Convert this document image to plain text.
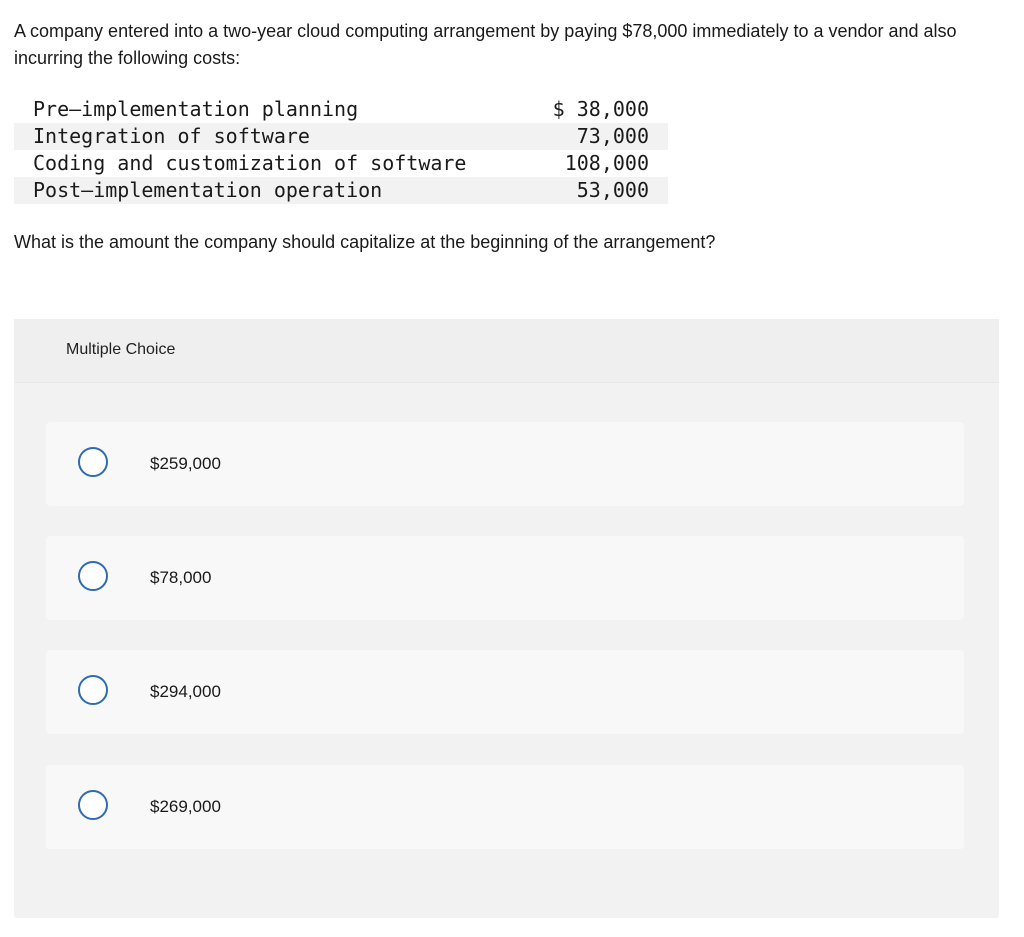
A company entered into a two-year cloud computing arrangement by paying $78,000 immediately to a vendor and also incurring the following costs:

Pre–implementation planning	$ 38,000
Integration of software	73,000
Coding and customization of software	108,000
Post–implementation operation	53,000

What is the amount the company should capitalize at the beginning of the arrangement?

Multiple Choice
$259,000
$78,000
$294,000
$269,000
